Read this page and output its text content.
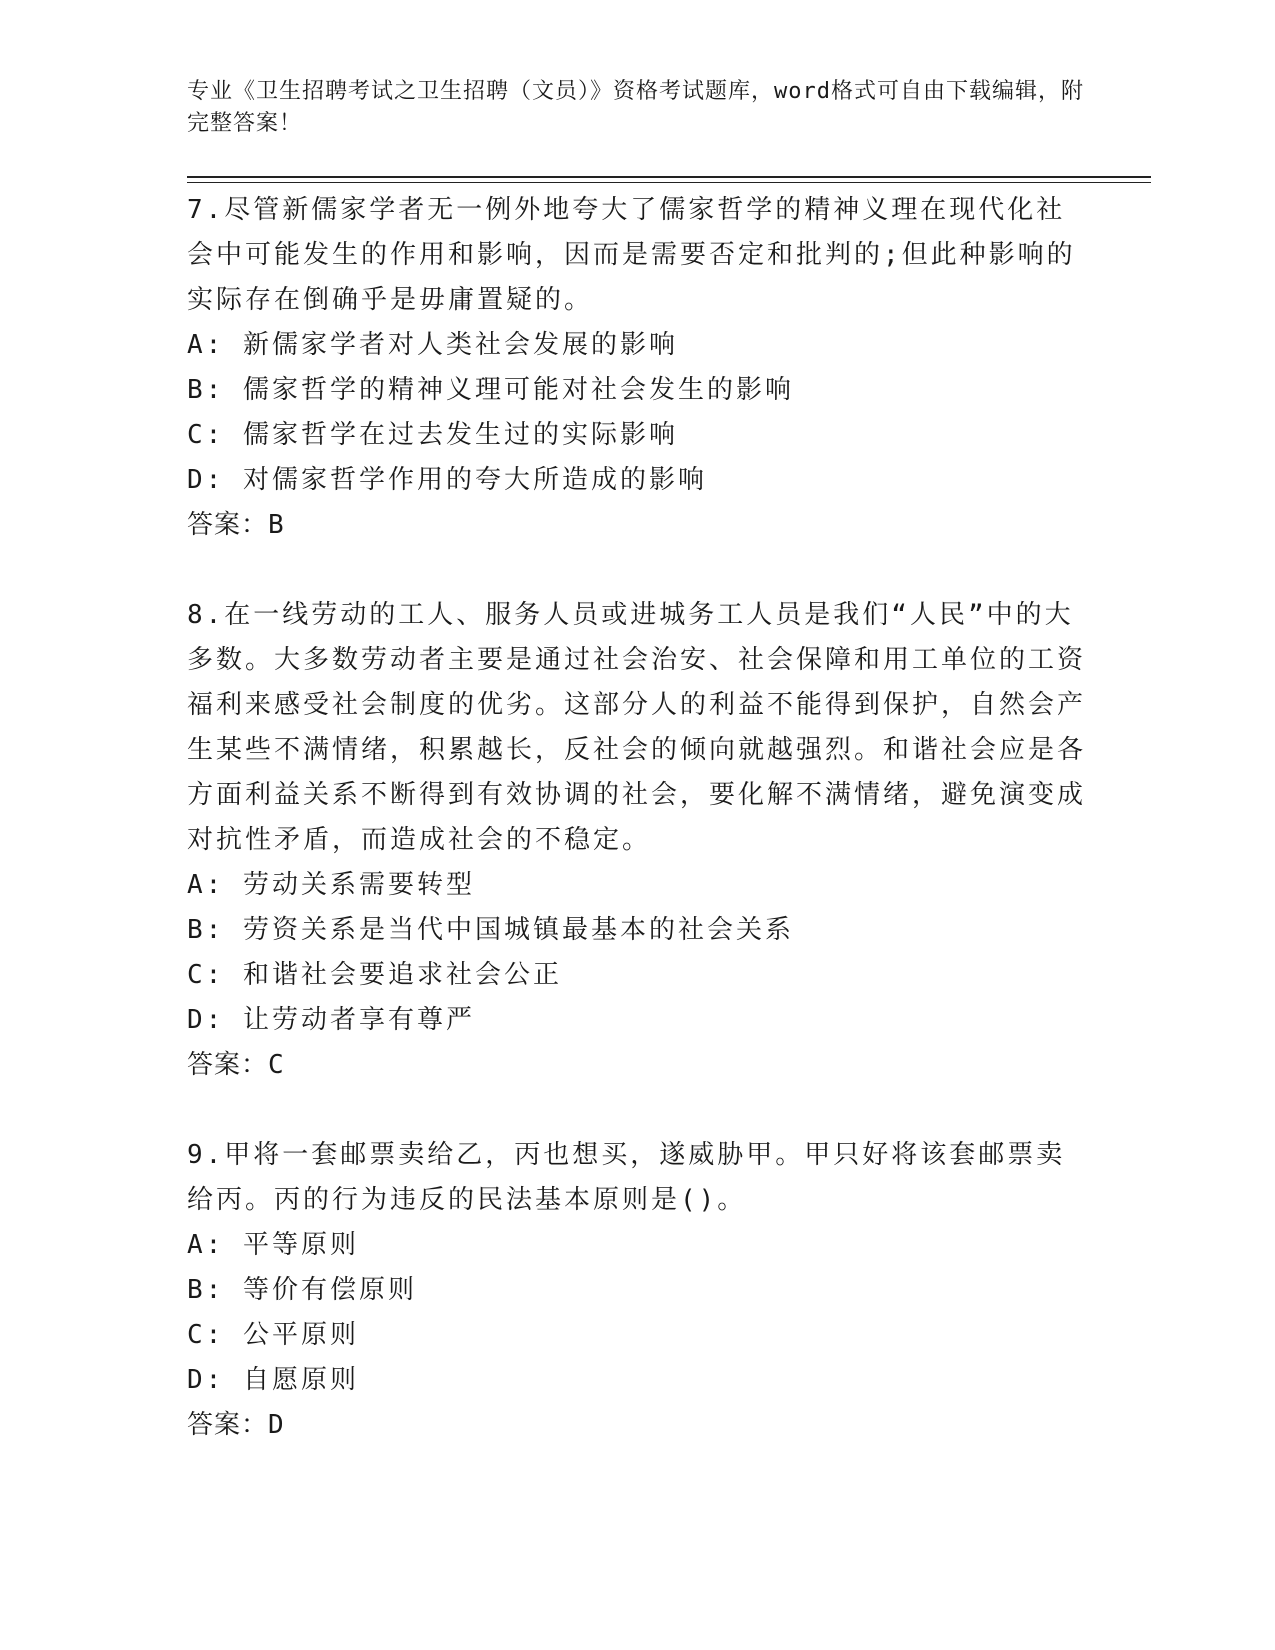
专业《卫生招聘考试之卫生招聘（文员）》资格考试题库，word格式可自由下载编辑，附完整答案！

7.尽管新儒家学者无一例外地夸大了儒家哲学的精神义理在现代化社会中可能发生的作用和影响，因而是需要否定和批判的;但此种影响的实际存在倒确乎是毋庸置疑的。

A: 新儒家学者对人类社会发展的影响

B: 儒家哲学的精神义理可能对社会发生的影响

C: 儒家哲学在过去发生过的实际影响

D: 对儒家哲学作用的夸大所造成的影响

答案：B

8.在一线劳动的工人、服务人员或进城务工人员是我们“人民”中的大多数。大多数劳动者主要是通过社会治安、社会保障和用工单位的工资福利来感受社会制度的优劣。这部分人的利益不能得到保护，自然会产生某些不满情绪，积累越长，反社会的倾向就越强烈。和谐社会应是各方面利益关系不断得到有效协调的社会，要化解不满情绪，避免演变成对抗性矛盾，而造成社会的不稳定。

A: 劳动关系需要转型

B: 劳资关系是当代中国城镇最基本的社会关系

C: 和谐社会要追求社会公正

D: 让劳动者享有尊严

答案：C

9.甲将一套邮票卖给乙，丙也想买，遂威胁甲。甲只好将该套邮票卖给丙。丙的行为违反的民法基本原则是()。

A: 平等原则

B: 等价有偿原则

C: 公平原则

D: 自愿原则

答案：D
